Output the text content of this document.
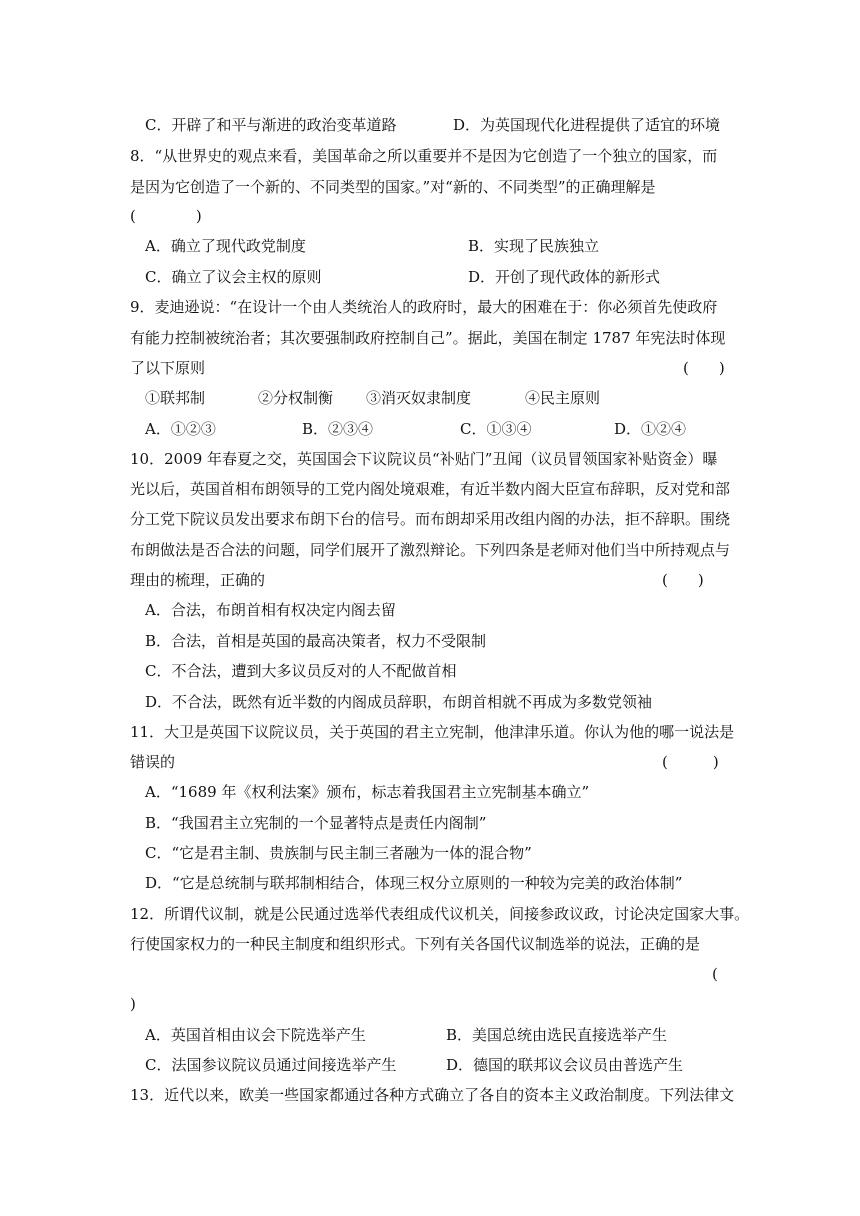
C．开辟了和平与渐进的政治变革道路	D．为英国现代化进程提供了适宜的环境
8．“从世界史的观点来看，美国革命之所以重要并不是因为它创造了一个独立的国家，而
是因为它创造了一个新的、不同类型的国家。”对“新的、不同类型”的正确理解是
(　　　　)
A．确立了现代政党制度	B．实现了民族独立
C．确立了议会主权的原则	D．开创了现代政体的新形式
9．麦迪逊说：“在设计一个由人类统治人的政府时，最大的困难在于：你必须首先使政府
有能力控制被统治者；其次要强制政府控制自己”。据此，美国在制定 1787 年宪法时体现
了以下原则	(　　)
①联邦制	②分权制衡 ③消灭奴隶制度	④民主原则
A．①②③	B．②③④	C．①③④	D．①②④
10．2009 年春夏之交，英国国会下议院议员“补贴门”丑闻（议员冒领国家补贴资金）曝
光以后，英国首相布朗领导的工党内阁处境艰难，有近半数内阁大臣宣布辞职，反对党和部
分工党下院议员发出要求布朗下台的信号。而布朗却采用改组内阁的办法，拒不辞职。围绕
布朗做法是否合法的问题，同学们展开了激烈辩论。下列四条是老师对他们当中所持观点与
理由的梳理，正确的	(　　)
A．合法，布朗首相有权决定内阁去留
B．合法，首相是英国的最高决策者，权力不受限制
C．不合法，遭到大多议员反对的人不配做首相
D．不合法，既然有近半数的内阁成员辞职，布朗首相就不再成为多数党领袖
11．大卫是英国下议院议员，关于英国的君主立宪制，他津津乐道。你认为他的哪一说法是
错误的	(　　　)
A．“1689 年《权利法案》颁布，标志着我国君主立宪制基本确立”
B．“我国君主立宪制的一个显著特点是责任内阁制”
C．“它是君主制、贵族制与民主制三者融为一体的混合物”
D．“它是总统制与联邦制相结合，体现三权分立原则的一种较为完美的政治体制”
12．所谓代议制，就是公民通过选举代表组成代议机关，间接参政议政，讨论决定国家大事。
行使国家权力的一种民主制度和组织形式。下列有关各国代议制选举的说法，正确的是
(
)
A．英国首相由议会下院选举产生	B．美国总统由选民直接选举产生
C．法国参议院议员通过间接选举产生	D．德国的联邦议会议员由普选产生
13．近代以来，欧美一些国家都通过各种方式确立了各自的资本主义政治制度。下列法律文
